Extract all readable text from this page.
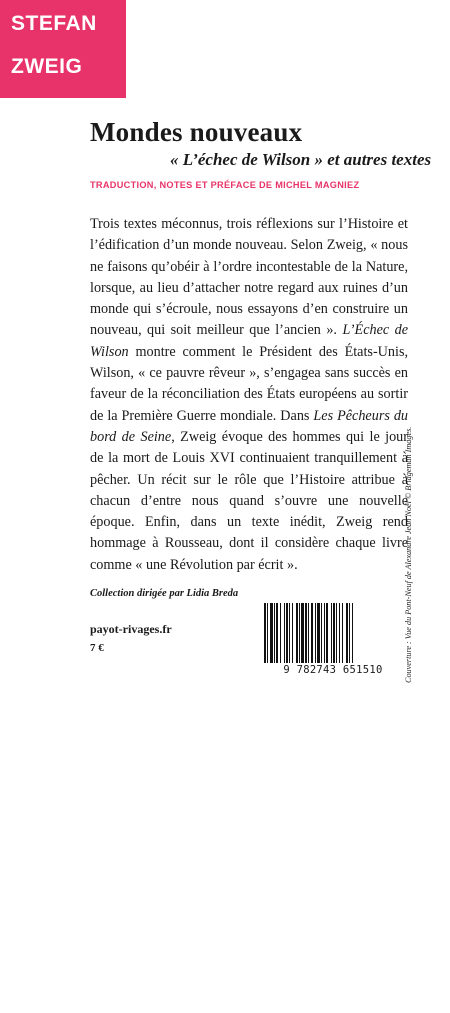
STEFAN
ZWEIG
Mondes nouveaux
« L’échec de Wilson » et autres textes
TRADUCTION, NOTES ET PRÉFACE DE MICHEL MAGNIEZ
Trois textes méconnus, trois réflexions sur l’Histoire et l’édification d’un monde nouveau. Selon Zweig, « nous ne faisons qu’obéir à l’ordre incontestable de la Nature, lorsque, au lieu d’attacher notre regard aux ruines d’un monde qui s’écroule, nous essayons d’en construire un nouveau, qui soit meilleur que l’ancien ». L’Échec de Wilson montre comment le Président des États-Unis, Wilson, « ce pauvre rêveur », s’engagea sans succès en faveur de la réconciliation des États européens au sortir de la Première Guerre mondiale. Dans Les Pêcheurs du bord de Seine, Zweig évoque des hommes qui le jour de la mort de Louis XVI continuaient tranquillement à pêcher. Un récit sur le rôle que l’Histoire attribue à chacun d’entre nous quand s’ouvre une nouvelle époque. Enfin, dans un texte inédit, Zweig rend hommage à Rousseau, dont il considère chaque livre comme « une Révolution par écrit ».
Collection dirigée par Lidia Breda
payot-rivages.fr
7 €	Couverture : Vue du Pont-Neuf de Alexandre Jean Noël © Bridgeman Images.
9 782743 651510
